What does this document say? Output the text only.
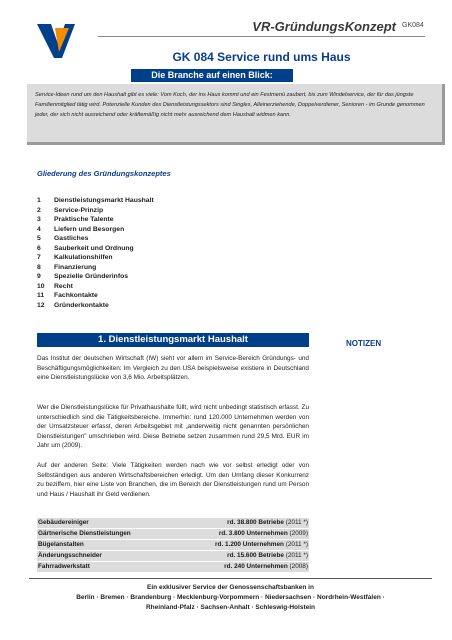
VR-GründungsKonzept GK084
GK 084 Service rund ums Haus
Die Branche auf einen Blick:

Service-Ideen rund um den Haushalt gibt es viele: Vom Koch, der ins Haus kommt und ein Festmenü zaubert, bis zum Windelservice, der für das jüngste Familienmitglied tätig wird. Potenzielle Kunden des Dienstleistungssektors sind Singles, Alleinerziehende, Doppelverdiener, Senioren - im Grunde genommen jeder, der sich nicht ausreichend oder kräftemäßig nicht mehr ausreichend dem Haushalt widmen kann.

Gliederung des Gründungskonzeptes
1 Dienstleistungsmarkt Haushalt
2 Service-Prinzip
3 Praktische Talente
4 Liefern und Besorgen
5 Gastliches
6 Sauberkeit und Ordnung
7 Kalkulationshilfen
8 Finanzierung
9 Spezielle Gründerinfos
10 Recht
11 Fachkontakte
12 Gründerkontakte
1. Dienstleistungsmarkt Haushalt	NOTIZEN

Das Institut der deutschen Wirtschaft (IW) sieht vor allem im Service-Bereich Gründungs- und Beschäftigungsmöglichkeiten: Im Vergleich zu den USA beispielsweise existiere in Deutschland eine Dienstleistungslücke von 3,6 Mio. Arbeitsplätzen.

Wer die Dienstleistungslücke für Privathaushalte füllt, wird nicht unbedingt statistisch erfasst. Zu unterschiedlich sind die Tätigkeitsbereiche. Immerhin: rund 120.000 Unternehmen werden von der Umsatzsteuer erfasst, deren Arbeitsgebiet mit „anderweitig nicht genannten persönlichen Dienstleistungen" umschrieben wird. Diese Betriebe setzen zusammen rund 29,5 Mrd. EUR im Jahr um (2009).

Auf der anderen Seite: Viele Tätigkeiten werden nach wie vor selbst erledigt oder von Selbständigen aus anderen Wirtschaftsbereichen erledigt. Um den Umfang dieser Konkurrenz zu beziffern, hier eine Liste von Branchen, die im Bereich der Dienstleistungen rund um Person und Haus / Haushalt ihr Geld verdienen.

Gebäudereiniger	rd. 38.800 Betriebe (2011 *)
Gärtnerische Dienstleistungen	rd. 3.800 Unternehmen (2009)
Bügelanstalten	rd. 1.200 Unternehmen (2011 *)
Änderungsschneider	rd. 15.600 Betriebe (2011 *)
Fahrradwerkstatt	rd. 240 Unternehmen (2008)
Ein exklusiver Service der Genossenschaftsbanken in
Berlin · Bremen · Brandenburg · Mecklenburg-Vorpommern · Niedersachsen · Nordrhein-Westfalen ·
Rheinland-Pfalz · Sachsen-Anhalt · Schleswig-Holstein
